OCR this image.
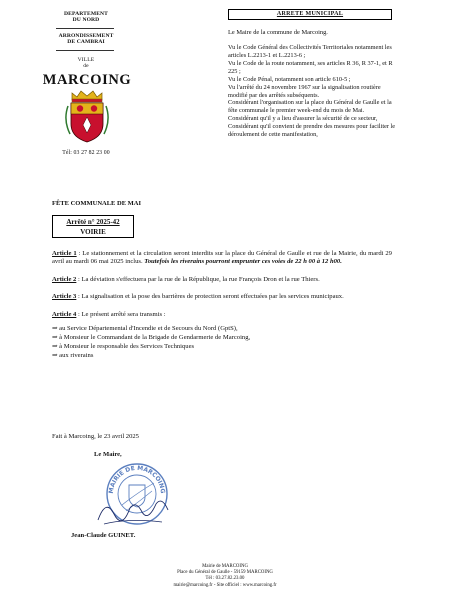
DEPARTEMENT
DU NORD
ARRONDISSEMENT
DE CAMBRAI
VILLE
de
MARCOING
Tél: 03 27 82 23 00
ARRETE MUNICIPAL
Le Maire de la commune de Marcoing.
Vu le Code Général des Collectivités Territoriales notamment les articles L.2213-1 et L.2213-6 ;
Vu le Code de la route notamment, ses articles R 36, R 37-1, et R 225 ;
Vu le Code Pénal, notamment son article 610-5 ;
Vu l'arrêté du 24 novembre 1967 sur la signalisation routière modifié par des arrêtés subséquents.
Considérant l'organisation sur la place du Général de Gaulle et la fête communale le premier week-end du mois de Mai.
Considérant qu'il y a lieu d'assurer la sécurité de ce secteur,
Considérant qu'il convient de prendre des mesures pour faciliter le déroulement de cette manifestation,
FÊTE COMMUNALE DE MAI
Arrêté n° 2025-42
VOIRIE

Article 1 : Le stationnement et la circulation seront interdits sur la place du Général de Gaulle et rue de la Mairie, du mardi 29 avril au mardi 06 mai 2025 inclus. Toutefois les riverains pourront emprunter ces voies de 22 h 00 à 12 h00.

Article 2 : La déviation s'effectuera par la rue de la République, la rue François Dron et la rue Thiers.

Article 3 : La signalisation et la pose des barrières de protection seront effectuées par les services municipaux.

Article 4 : Le présent arrêté sera transmis :

⇒ au Service Départemental d'Incendie et de Secours du Nord (GptS),
⇒ à Monsieur le Commandant de la Brigade de Gendarmerie de Marcoing,
⇒ à Monsieur le responsable des Services Techniques
⇒ aux riverains
Fait à Marcoing, le 23 avril 2025
Le Maire,
MAIRIE DE MARCOING
Jean-Claude GUINET.
Mairie de MARCOING
Place du Général de Gaulle - 59159 MARCOING
Tél : 03.27.82.23.00
mairie@marcoing.fr - Site officiel : www.marcoing.fr
